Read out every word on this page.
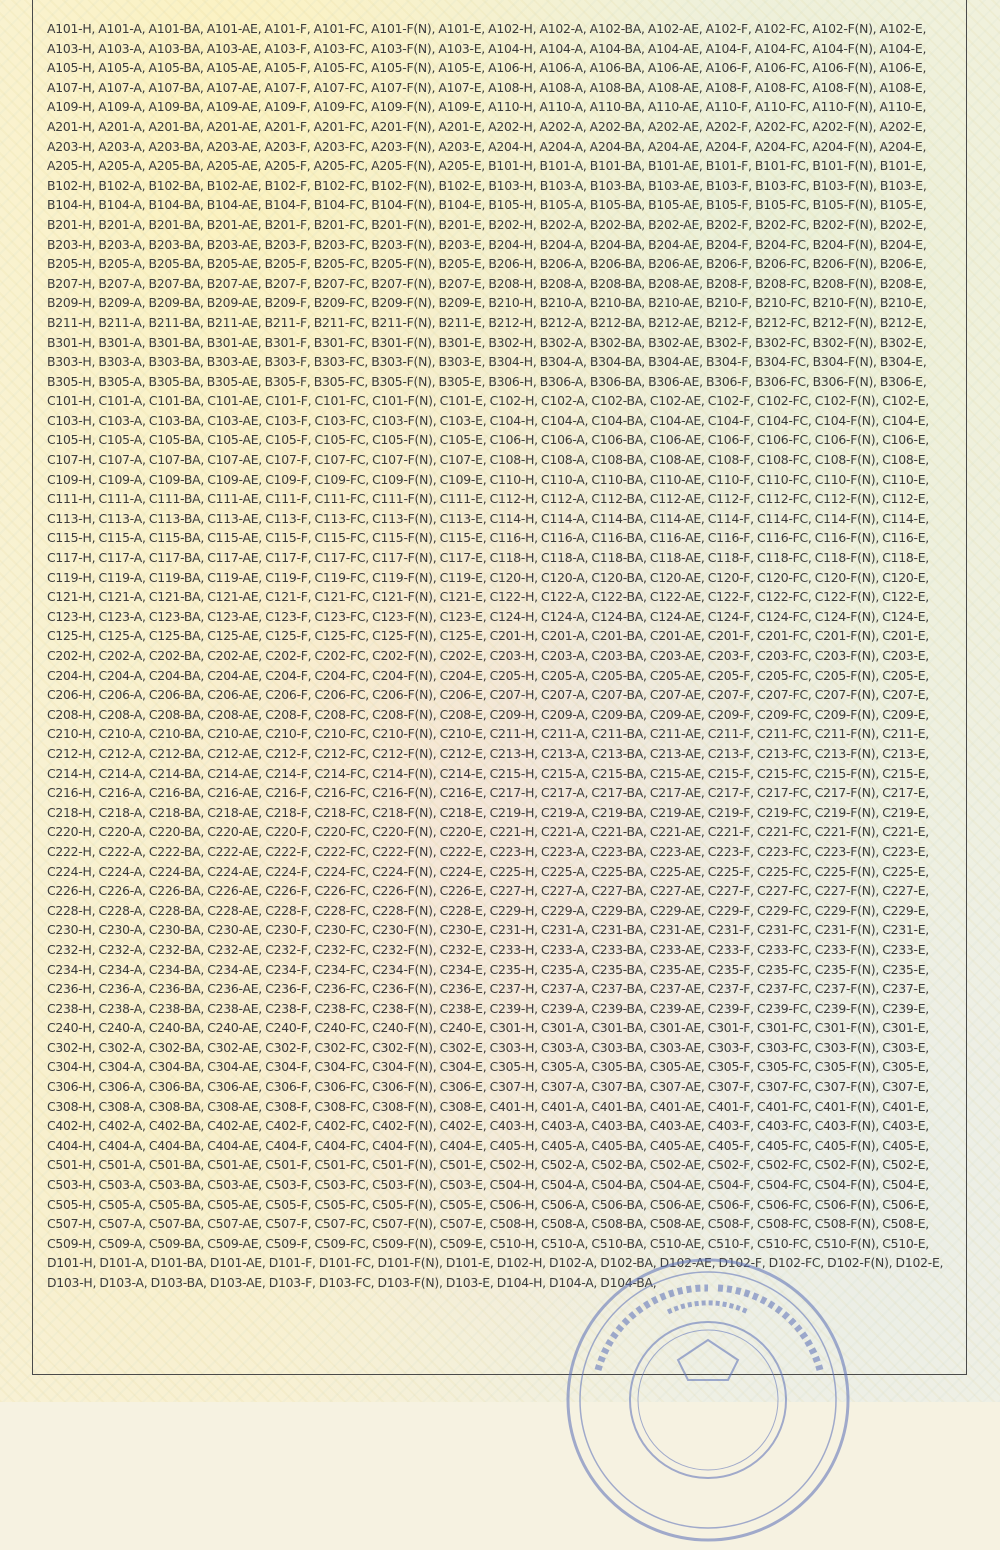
A101-H, A101-A, A101-BA, A101-AE, A101-F, A101-FC, A101-F(N), A101-E, A102-H, A102-A, A102-BA, A102-AE, A102-F, A102-FC, A102-F(N), A102-E, A103-H, A103-A, A103-BA, A103-AE, A103-F, A103-FC, A103-F(N), A103-E, A104-H, A104-A, A104-BA, A104-AE, A104-F, A104-FC, A104-F(N), A104-E, A105-H, A105-A, A105-BA, A105-AE, A105-F, A105-FC, A105-F(N), A105-E, A106-H, A106-A, A106-BA, A106-AE, A106-F, A106-FC, A106-F(N), A106-E, A107-H, A107-A, A107-BA, A107-AE, A107-F, A107-FC, A107-F(N), A107-E, A108-H, A108-A, A108-BA, A108-AE, A108-F, A108-FC, A108-F(N), A108-E, A109-H, A109-A, A109-BA, A109-AE, A109-F, A109-FC, A109-F(N), A109-E, A110-H, A110-A, A110-BA, A110-AE, A110-F, A110-FC, A110-F(N), A110-E, A201-H, A201-A, A201-BA, A201-AE, A201-F, A201-FC, A201-F(N), A201-E, A202-H, A202-A, A202-BA, A202-AE, A202-F, A202-FC, A202-F(N), A202-E, A203-H, A203-A, A203-BA, A203-AE, A203-F, A203-FC, A203-F(N), A203-E, A204-H, A204-A, A204-BA, A204-AE, A204-F, A204-FC, A204-F(N), A204-E, A205-H, A205-A, A205-BA, A205-AE, A205-F, A205-FC, A205-F(N), A205-E, B101-H, B101-A, B101-BA, B101-AE, B101-F, B101-FC, B101-F(N), B101-E, B102-H, B102-A, B102-BA, B102-AE, B102-F, B102-FC, B102-F(N), B102-E, B103-H, B103-A, B103-BA, B103-AE, B103-F, B103-FC, B103-F(N), B103-E, B104-H, B104-A, B104-BA, B104-AE, B104-F, B104-FC, B104-F(N), B104-E, B105-H, B105-A, B105-BA, B105-AE, B105-F, B105-FC, B105-F(N), B105-E, B201-H, B201-A, B201-BA, B201-AE, B201-F, B201-FC, B201-F(N), B201-E, B202-H, B202-A, B202-BA, B202-AE, B202-F, B202-FC, B202-F(N), B202-E, B203-H, B203-A, B203-BA, B203-AE, B203-F, B203-FC, B203-F(N), B203-E, B204-H, B204-A, B204-BA, B204-AE, B204-F, B204-FC, B204-F(N), B204-E, B205-H, B205-A, B205-BA, B205-AE, B205-F, B205-FC, B205-F(N), B205-E, B206-H, B206-A, B206-BA, B206-AE, B206-F, B206-FC, B206-F(N), B206-E, B207-H, B207-A, B207-BA, B207-AE, B207-F, B207-FC, B207-F(N), B207-E, B208-H, B208-A, B208-BA, B208-AE, B208-F, B208-FC, B208-F(N), B208-E, B209-H, B209-A, B209-BA, B209-AE, B209-F, B209-FC, B209-F(N), B209-E, B210-H, B210-A, B210-BA, B210-AE, B210-F, B210-FC, B210-F(N), B210-E, B211-H, B211-A, B211-BA, B211-AE, B211-F, B211-FC, B211-F(N), B211-E, B212-H, B212-A, B212-BA, B212-AE, B212-F, B212-FC, B212-F(N), B212-E, B301-H, B301-A, B301-BA, B301-AE, B301-F, B301-FC, B301-F(N), B301-E, B302-H, B302-A, B302-BA, B302-AE, B302-F, B302-FC, B302-F(N), B302-E, B303-H, B303-A, B303-BA, B303-AE, B303-F, B303-FC, B303-F(N), B303-E, B304-H, B304-A, B304-BA, B304-AE, B304-F, B304-FC, B304-F(N), B304-E, B305-H, B305-A, B305-BA, B305-AE, B305-F, B305-FC, B305-F(N), B305-E, B306-H, B306-A, B306-BA, B306-AE, B306-F, B306-FC, B306-F(N), B306-E, C101-H, C101-A, C101-BA, C101-AE, C101-F, C101-FC, C101-F(N), C101-E, C102-H, C102-A, C102-BA, C102-AE, C102-F, C102-FC, C102-F(N), C102-E, C103-H, C103-A, C103-BA, C103-AE, C103-F, C103-FC, C103-F(N), C103-E, C104-H, C104-A, C104-BA, C104-AE, C104-F, C104-FC, C104-F(N), C104-E, C105-H, C105-A, C105-BA, C105-AE, C105-F, C105-FC, C105-F(N), C105-E, C106-H, C106-A, C106-BA, C106-AE, C106-F, C106-FC, C106-F(N), C106-E, C107-H, C107-A, C107-BA, C107-AE, C107-F, C107-FC, C107-F(N), C107-E, C108-H, C108-A, C108-BA, C108-AE, C108-F, C108-FC, C108-F(N), C108-E, C109-H, C109-A, C109-BA, C109-AE, C109-F, C109-FC, C109-F(N), C109-E, C110-H, C110-A, C110-BA, C110-AE, C110-F, C110-FC, C110-F(N), C110-E, C111-H, C111-A, C111-BA, C111-AE, C111-F, C111-FC, C111-F(N), C111-E, C112-H, C112-A, C112-BA, C112-AE, C112-F, C112-FC, C112-F(N), C112-E, C113-H, C113-A, C113-BA, C113-AE, C113-F, C113-FC, C113-F(N), C113-E, C114-H, C114-A, C114-BA, C114-AE, C114-F, C114-FC, C114-F(N), C114-E, C115-H, C115-A, C115-BA, C115-AE, C115-F, C115-FC, C115-F(N), C115-E, C116-H, C116-A, C116-BA, C116-AE, C116-F, C116-FC, C116-F(N), C116-E, C117-H, C117-A, C117-BA, C117-AE, C117-F, C117-FC, C117-F(N), C117-E, C118-H, C118-A, C118-BA, C118-AE, C118-F, C118-FC, C118-F(N), C118-E, C119-H, C119-A, C119-BA, C119-AE, C119-F, C119-FC, C119-F(N), C119-E, C120-H, C120-A, C120-BA, C120-AE, C120-F, C120-FC, C120-F(N), C120-E, C121-H, C121-A, C121-BA, C121-AE, C121-F, C121-FC, C121-F(N), C121-E, C122-H, C122-A, C122-BA, C122-AE, C122-F, C122-FC, C122-F(N), C122-E, C123-H, C123-A, C123-BA, C123-AE, C123-F, C123-FC, C123-F(N), C123-E, C124-H, C124-A, C124-BA, C124-AE, C124-F, C124-FC, C124-F(N), C124-E, C125-H, C125-A, C125-BA, C125-AE, C125-F, C125-FC, C125-F(N), C125-E, C201-H, C201-A, C201-BA, C201-AE, C201-F, C201-FC, C201-F(N), C201-E, C202-H, C202-A, C202-BA, C202-AE, C202-F, C202-FC, C202-F(N), C202-E, C203-H, C203-A, C203-BA, C203-AE, C203-F, C203-FC, C203-F(N), C203-E, C204-H, C204-A, C204-BA, C204-AE, C204-F, C204-FC, C204-F(N), C204-E, C205-H, C205-A, C205-BA, C205-AE, C205-F, C205-FC, C205-F(N), C205-E, C206-H, C206-A, C206-BA, C206-AE, C206-F, C206-FC, C206-F(N), C206-E, C207-H, C207-A, C207-BA, C207-AE, C207-F, C207-FC, C207-F(N), C207-E, C208-H, C208-A, C208-BA, C208-AE, C208-F, C208-FC, C208-F(N), C208-E, C209-H, C209-A, C209-BA, C209-AE, C209-F, C209-FC, C209-F(N), C209-E, C210-H, C210-A, C210-BA, C210-AE, C210-F, C210-FC, C210-F(N), C210-E, C211-H, C211-A, C211-BA, C211-AE, C211-F, C211-FC, C211-F(N), C211-E, C212-H, C212-A, C212-BA, C212-AE, C212-F, C212-FC, C212-F(N), C212-E, C213-H, C213-A, C213-BA, C213-AE, C213-F, C213-FC, C213-F(N), C213-E, C214-H, C214-A, C214-BA, C214-AE, C214-F, C214-FC, C214-F(N), C214-E, C215-H, C215-A, C215-BA, C215-AE, C215-F, C215-FC, C215-F(N), C215-E, C216-H, C216-A, C216-BA, C216-AE, C216-F, C216-FC, C216-F(N), C216-E, C217-H, C217-A, C217-BA, C217-AE, C217-F, C217-FC, C217-F(N), C217-E, C218-H, C218-A, C218-BA, C218-AE, C218-F, C218-FC, C218-F(N), C218-E, C219-H, C219-A, C219-BA, C219-AE, C219-F, C219-FC, C219-F(N), C219-E, C220-H, C220-A, C220-BA, C220-AE, C220-F, C220-FC, C220-F(N), C220-E, C221-H, C221-A, C221-BA, C221-AE, C221-F, C221-FC, C221-F(N), C221-E, C222-H, C222-A, C222-BA, C222-AE, C222-F, C222-FC, C222-F(N), C222-E, C223-H, C223-A, C223-BA, C223-AE, C223-F, C223-FC, C223-F(N), C223-E, C224-H, C224-A, C224-BA, C224-AE, C224-F, C224-FC, C224-F(N), C224-E, C225-H, C225-A, C225-BA, C225-AE, C225-F, C225-FC, C225-F(N), C225-E, C226-H, C226-A, C226-BA, C226-AE, C226-F, C226-FC, C226-F(N), C226-E, C227-H, C227-A, C227-BA, C227-AE, C227-F, C227-FC, C227-F(N), C227-E, C228-H, C228-A, C228-BA, C228-AE, C228-F, C228-FC, C228-F(N), C228-E, C229-H, C229-A, C229-BA, C229-AE, C229-F, C229-FC, C229-F(N), C229-E, C230-H, C230-A, C230-BA, C230-AE, C230-F, C230-FC, C230-F(N), C230-E, C231-H, C231-A, C231-BA, C231-AE, C231-F, C231-FC, C231-F(N), C231-E, C232-H, C232-A, C232-BA, C232-AE, C232-F, C232-FC, C232-F(N), C232-E, C233-H, C233-A, C233-BA, C233-AE, C233-F, C233-FC, C233-F(N), C233-E, C234-H, C234-A, C234-BA, C234-AE, C234-F, C234-FC, C234-F(N), C234-E, C235-H, C235-A, C235-BA, C235-AE, C235-F, C235-FC, C235-F(N), C235-E, C236-H, C236-A, C236-BA, C236-AE, C236-F, C236-FC, C236-F(N), C236-E, C237-H, C237-A, C237-BA, C237-AE, C237-F, C237-FC, C237-F(N), C237-E, C238-H, C238-A, C238-BA, C238-AE, C238-F, C238-FC, C238-F(N), C238-E, C239-H, C239-A, C239-BA, C239-AE, C239-F, C239-FC, C239-F(N), C239-E, C240-H, C240-A, C240-BA, C240-AE, C240-F, C240-FC, C240-F(N), C240-E, C301-H, C301-A, C301-BA, C301-AE, C301-F, C301-FC, C301-F(N), C301-E, C302-H, C302-A, C302-BA, C302-AE, C302-F, C302-FC, C302-F(N), C302-E, C303-H, C303-A, C303-BA, C303-AE, C303-F, C303-FC, C303-F(N), C303-E, C304-H, C304-A, C304-BA, C304-AE, C304-F, C304-FC, C304-F(N), C304-E, C305-H, C305-A, C305-BA, C305-AE, C305-F, C305-FC, C305-F(N), C305-E, C306-H, C306-A, C306-BA, C306-AE, C306-F, C306-FC, C306-F(N), C306-E, C307-H, C307-A, C307-BA, C307-AE, C307-F, C307-FC, C307-F(N), C307-E, C308-H, C308-A, C308-BA, C308-AE, C308-F, C308-FC, C308-F(N), C308-E, C401-H, C401-A, C401-BA, C401-AE, C401-F, C401-FC, C401-F(N), C401-E, C402-H, C402-A, C402-BA, C402-AE, C402-F, C402-FC, C402-F(N), C402-E, C403-H, C403-A, C403-BA, C403-AE, C403-F, C403-FC, C403-F(N), C403-E, C404-H, C404-A, C404-BA, C404-AE, C404-F, C404-FC, C404-F(N), C404-E, C405-H, C405-A, C405-BA, C405-AE, C405-F, C405-FC, C405-F(N), C405-E, C501-H, C501-A, C501-BA, C501-AE, C501-F, C501-FC, C501-F(N), C501-E, C502-H, C502-A, C502-BA, C502-AE, C502-F, C502-FC, C502-F(N), C502-E, C503-H, C503-A, C503-BA, C503-AE, C503-F, C503-FC, C503-F(N), C503-E, C504-H, C504-A, C504-BA, C504-AE, C504-F, C504-FC, C504-F(N), C504-E, C505-H, C505-A, C505-BA, C505-AE, C505-F, C505-FC, C505-F(N), C505-E, C506-H, C506-A, C506-BA, C506-AE, C506-F, C506-FC, C506-F(N), C506-E, C507-H, C507-A, C507-BA, C507-AE, C507-F, C507-FC, C507-F(N), C507-E, C508-H, C508-A, C508-BA, C508-AE, C508-F, C508-FC, C508-F(N), C508-E, C509-H, C509-A, C509-BA, C509-AE, C509-F, C509-FC, C509-F(N), C509-E, C510-H, C510-A, C510-BA, C510-AE, C510-F, C510-FC, C510-F(N), C510-E, D101-H, D101-A, D101-BA, D101-AE, D101-F, D101-FC, D101-F(N), D101-E, D102-H, D102-A, D102-BA, D102-AE, D102-F, D102-FC, D102-F(N), D102-E, D103-H, D103-A, D103-BA, D103-AE, D103-F, D103-FC, D103-F(N), D103-E, D104-H, D104-A, D104-BA,
